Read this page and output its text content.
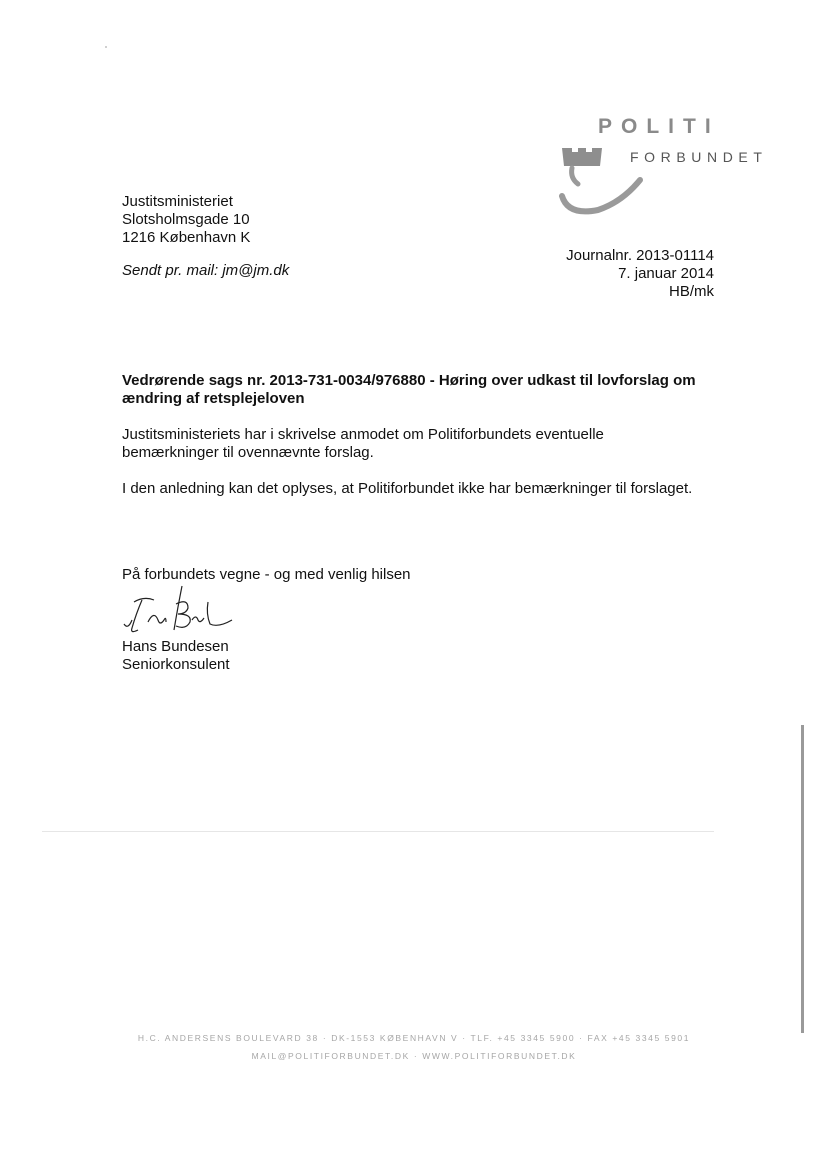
POLITI
FORBUNDET
Justitsministeriet
Slotsholmsgade 10
1216 København K
Sendt pr. mail: jm@jm.dk
Journalnr. 2013-01114
7. januar 2014
HB/mk
Vedrørende sags nr. 2013-731-0034/976880 - Høring over udkast til lovforslag om ændring af retsplejeloven
Justitsministeriets har i skrivelse anmodet om Politiforbundets eventuelle bemærkninger til ovennævnte forslag.
I den anledning kan det oplyses, at Politiforbundet ikke har bemærkninger til forslaget.
På forbundets vegne - og med venlig hilsen
Hans Bundesen
Seniorkonsulent
H.C. ANDERSENS BOULEVARD 38 · DK-1553 KØBENHAVN V · TLF. +45 3345 5900 · FAX +45 3345 5901
MAIL@POLITIFORBUNDET.DK · WWW.POLITIFORBUNDET.DK
